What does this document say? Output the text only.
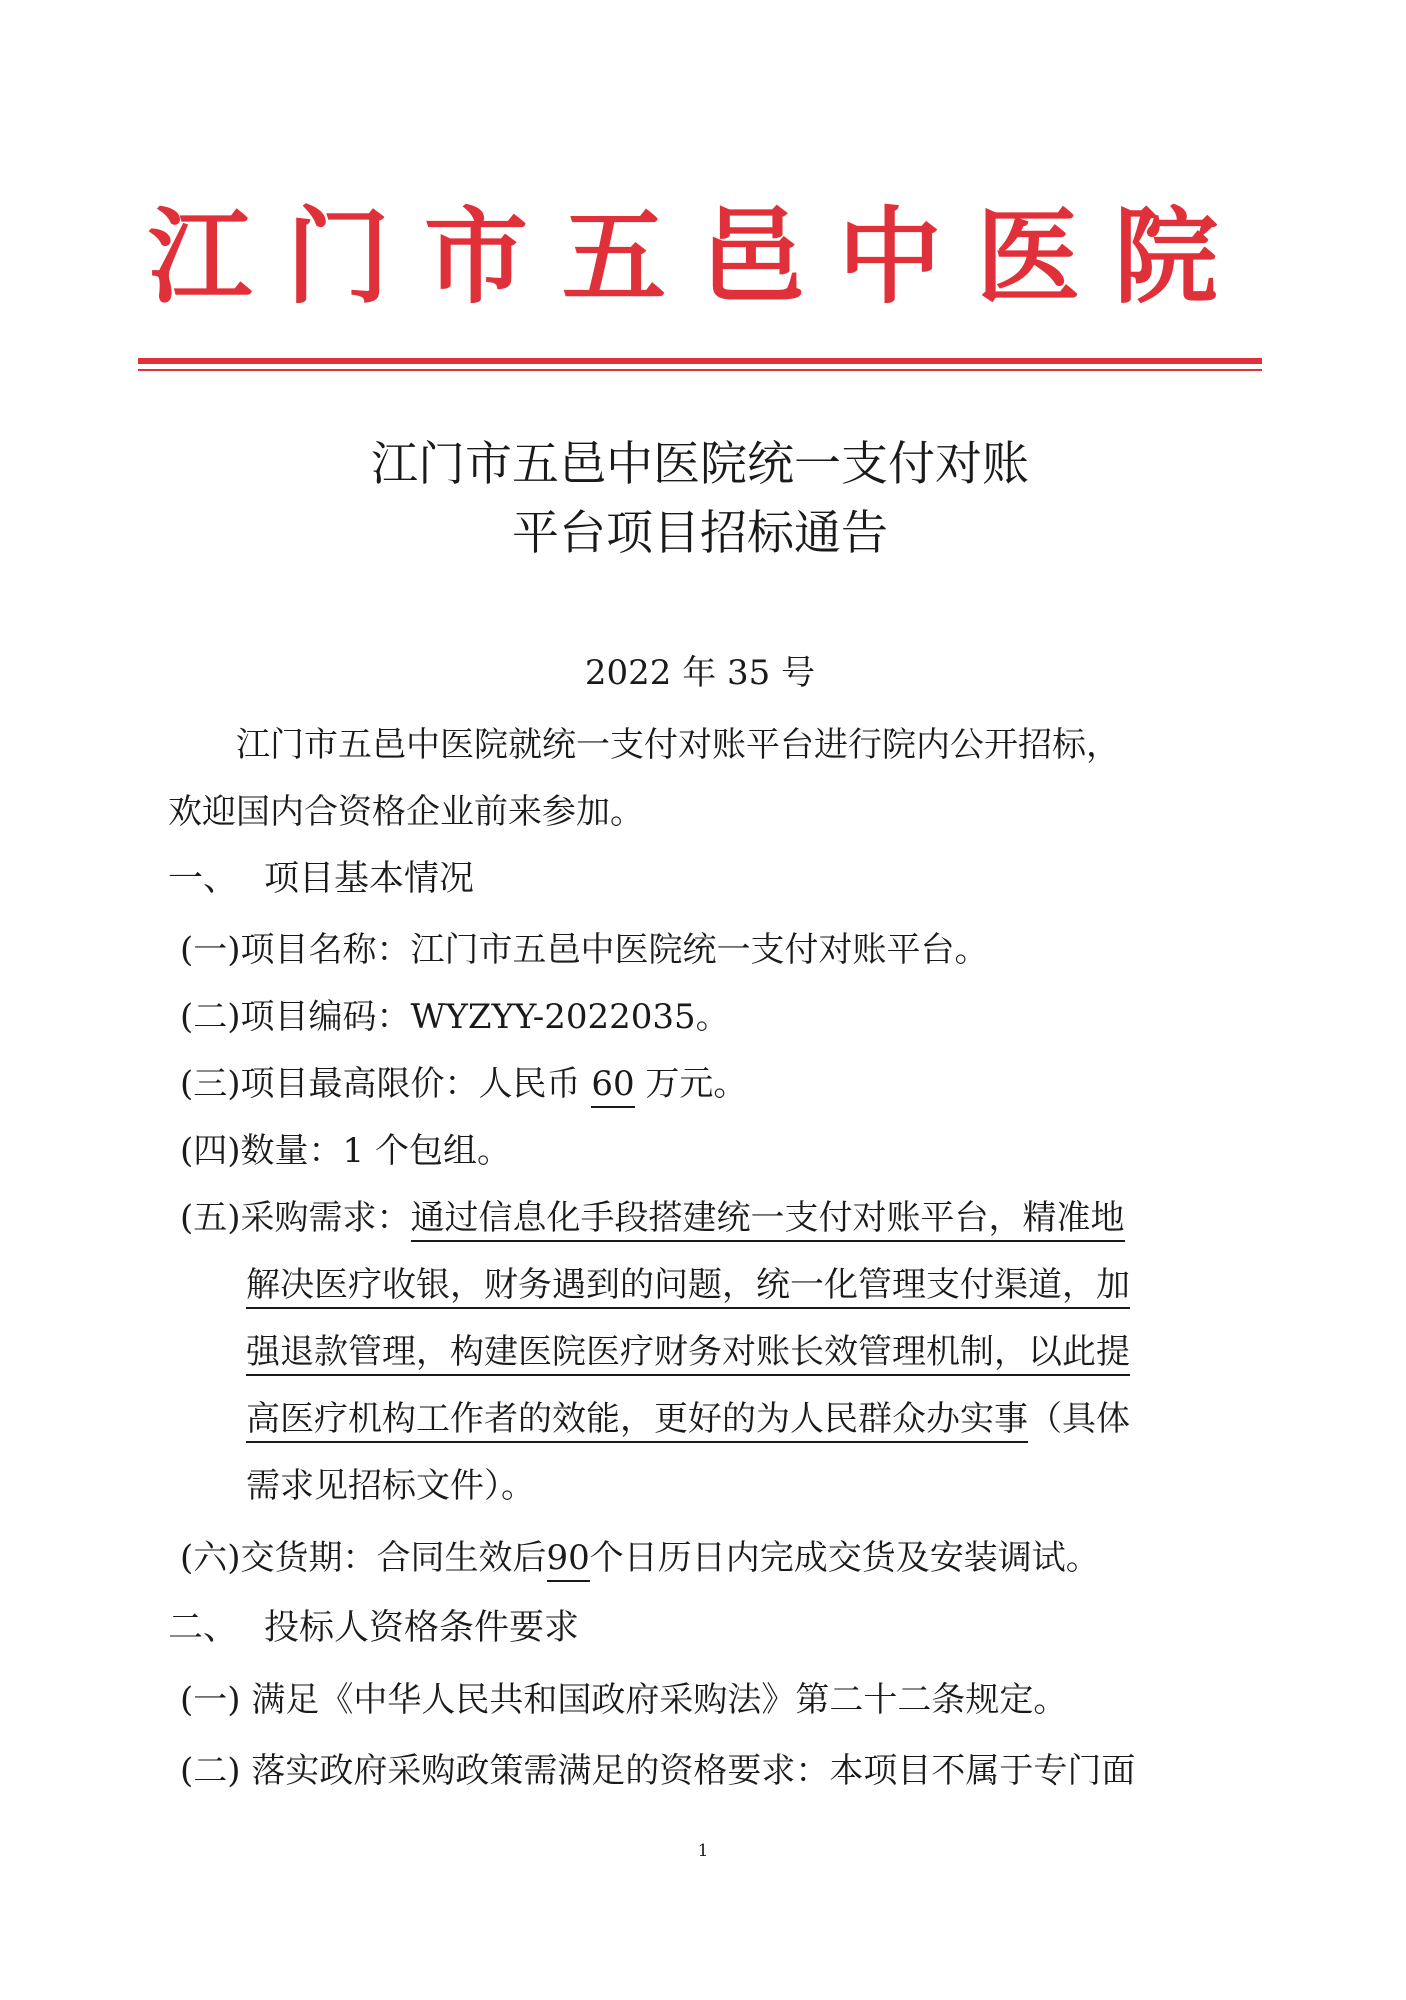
江门市五邑中医院
江门市五邑中医院统一支付对账
平台项目招标通告
2022 年 35 号
江门市五邑中医院就统一支付对账平台进行院内公开招标，
欢迎国内合资格企业前来参加。
一、 项目基本情况
(一)项目名称：江门市五邑中医院统一支付对账平台。
(二)项目编码：WYZYY-2022035。
(三)项目最高限价：人民币 60 万元。
(四)数量：1 个包组。
(五)采购需求：通过信息化手段搭建统一支付对账平台，精准地
解决医疗收银，财务遇到的问题，统一化管理支付渠道，加
强退款管理，构建医院医疗财务对账长效管理机制，以此提
高医疗机构工作者的效能，更好的为人民群众办实事（具体
需求见招标文件）。
(六)交货期：合同生效后90个日历日内完成交货及安装调试。
二、 投标人资格条件要求
(一) 满足《中华人民共和国政府采购法》第二十二条规定。
(二) 落实政府采购政策需满足的资格要求：本项目不属于专门面
1
